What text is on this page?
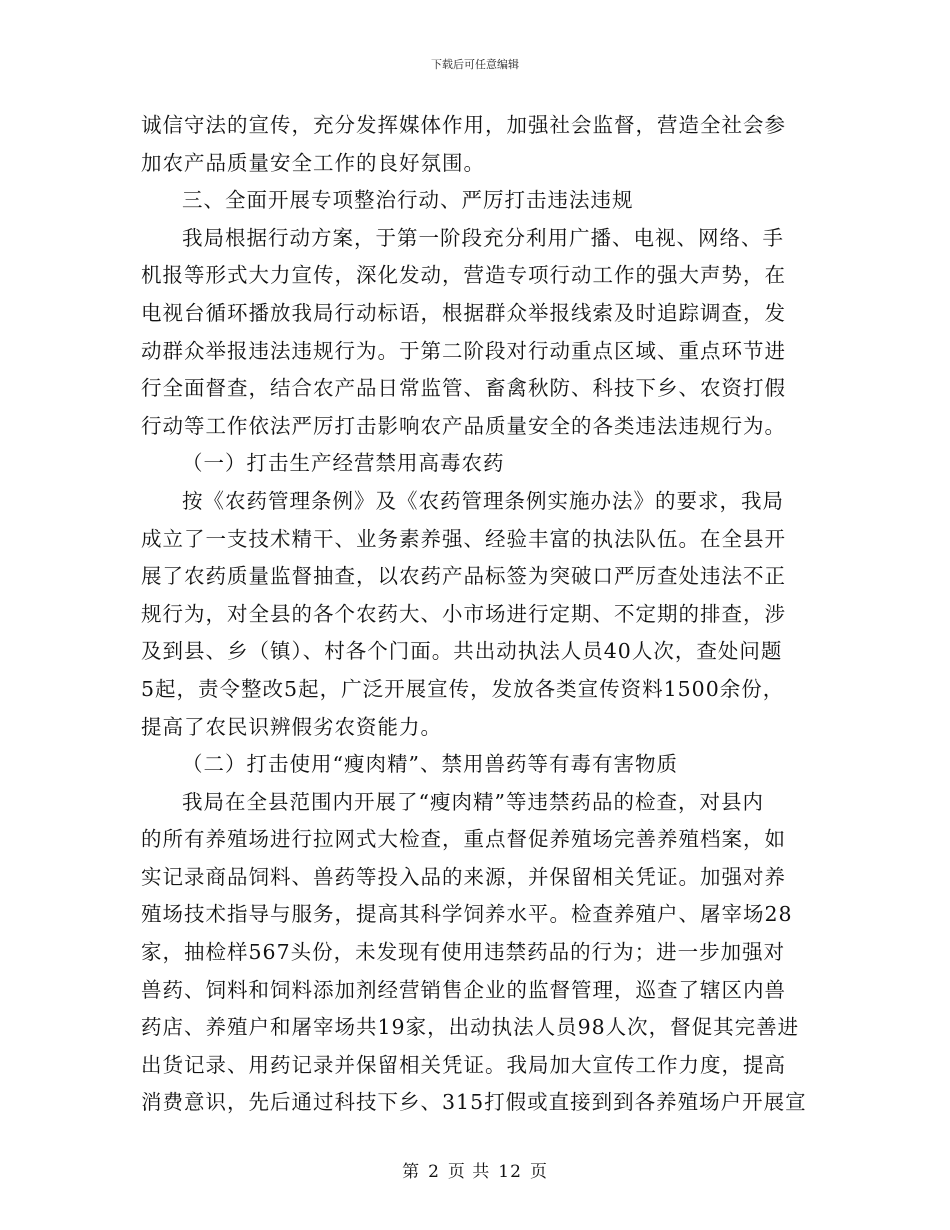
下载后可任意编辑
诚信守法的宣传，充分发挥媒体作用，加强社会监督，营造全社会参
加农产品质量安全工作的良好氛围。
三、全面开展专项整治行动、严厉打击违法违规
我局根据行动方案，于第一阶段充分利用广播、电视、网络、手
机报等形式大力宣传，深化发动，营造专项行动工作的强大声势，在
电视台循环播放我局行动标语，根据群众举报线索及时追踪调查，发
动群众举报违法违规行为。于第二阶段对行动重点区域、重点环节进
行全面督查，结合农产品日常监管、畜禽秋防、科技下乡、农资打假
行动等工作依法严厉打击影响农产品质量安全的各类违法违规行为。
（一）打击生产经营禁用高毒农药
按《农药管理条例》及《农药管理条例实施办法》的要求，我局
成立了一支技术精干、业务素养强、经验丰富的执法队伍。在全县开
展了农药质量监督抽查，以农药产品标签为突破口严厉查处违法不正
规行为，对全县的各个农药大、小市场进行定期、不定期的排查，涉
及到县、乡（镇）、村各个门面。共出动执法人员40人次，查处问题
5起，责令整改5起，广泛开展宣传，发放各类宣传资料1500余份，
提高了农民识辨假劣农资能力。
（二）打击使用“瘦肉精”、禁用兽药等有毒有害物质
我局在全县范围内开展了“瘦肉精”等违禁药品的检查，对县内
的所有养殖场进行拉网式大检查，重点督促养殖场完善养殖档案，如
实记录商品饲料、兽药等投入品的来源，并保留相关凭证。加强对养
殖场技术指导与服务，提高其科学饲养水平。检查养殖户、屠宰场28
家，抽检样567头份，未发现有使用违禁药品的行为；进一步加强对
兽药、饲料和饲料添加剂经营销售企业的监督管理，巡查了辖区内兽
药店、养殖户和屠宰场共19家，出动执法人员98人次，督促其完善进
出货记录、用药记录并保留相关凭证。我局加大宣传工作力度，提高
消费意识，先后通过科技下乡、315打假或直接到到各养殖场户开展宣
第 2 页 共 12 页
